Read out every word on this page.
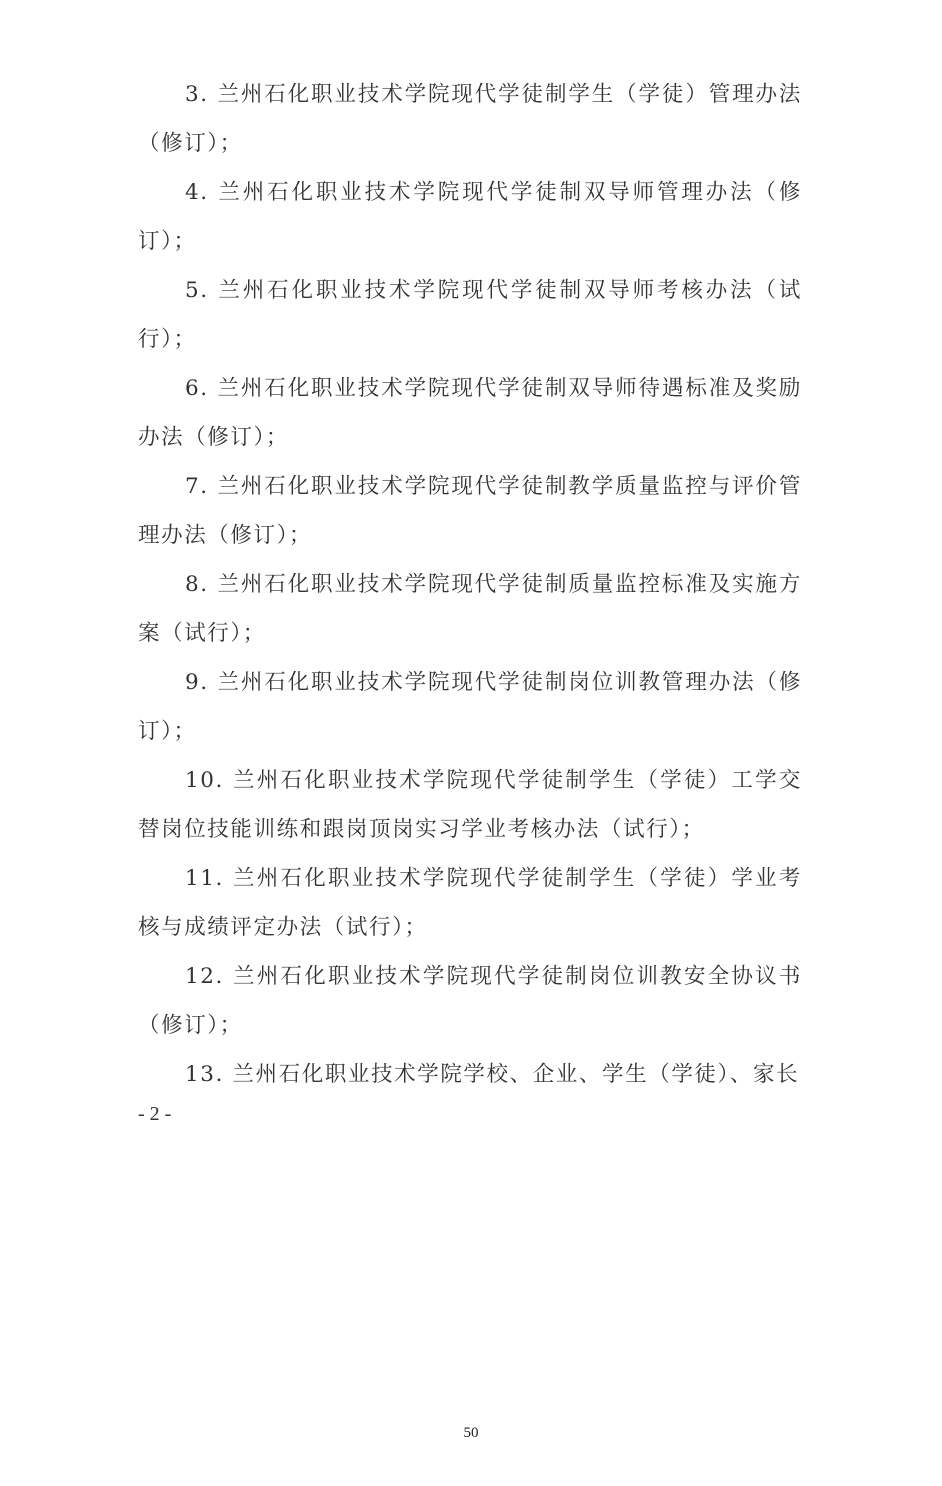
3. 兰州石化职业技术学院现代学徒制学生（学徒）管理办法（修订）；

4. 兰州石化职业技术学院现代学徒制双导师管理办法（修订）；

5. 兰州石化职业技术学院现代学徒制双导师考核办法（试行）；

6. 兰州石化职业技术学院现代学徒制双导师待遇标准及奖励办法（修订）；

7. 兰州石化职业技术学院现代学徒制教学质量监控与评价管理办法（修订）；

8. 兰州石化职业技术学院现代学徒制质量监控标准及实施方案（试行）；

9. 兰州石化职业技术学院现代学徒制岗位训教管理办法（修订）；

10. 兰州石化职业技术学院现代学徒制学生（学徒）工学交替岗位技能训练和跟岗顶岗实习学业考核办法（试行）；

11. 兰州石化职业技术学院现代学徒制学生（学徒）学业考核与成绩评定办法（试行）；

12. 兰州石化职业技术学院现代学徒制岗位训教安全协议书（修订）；

13. 兰州石化职业技术学院学校、企业、学生（学徒）、家长

- 2 -
50
